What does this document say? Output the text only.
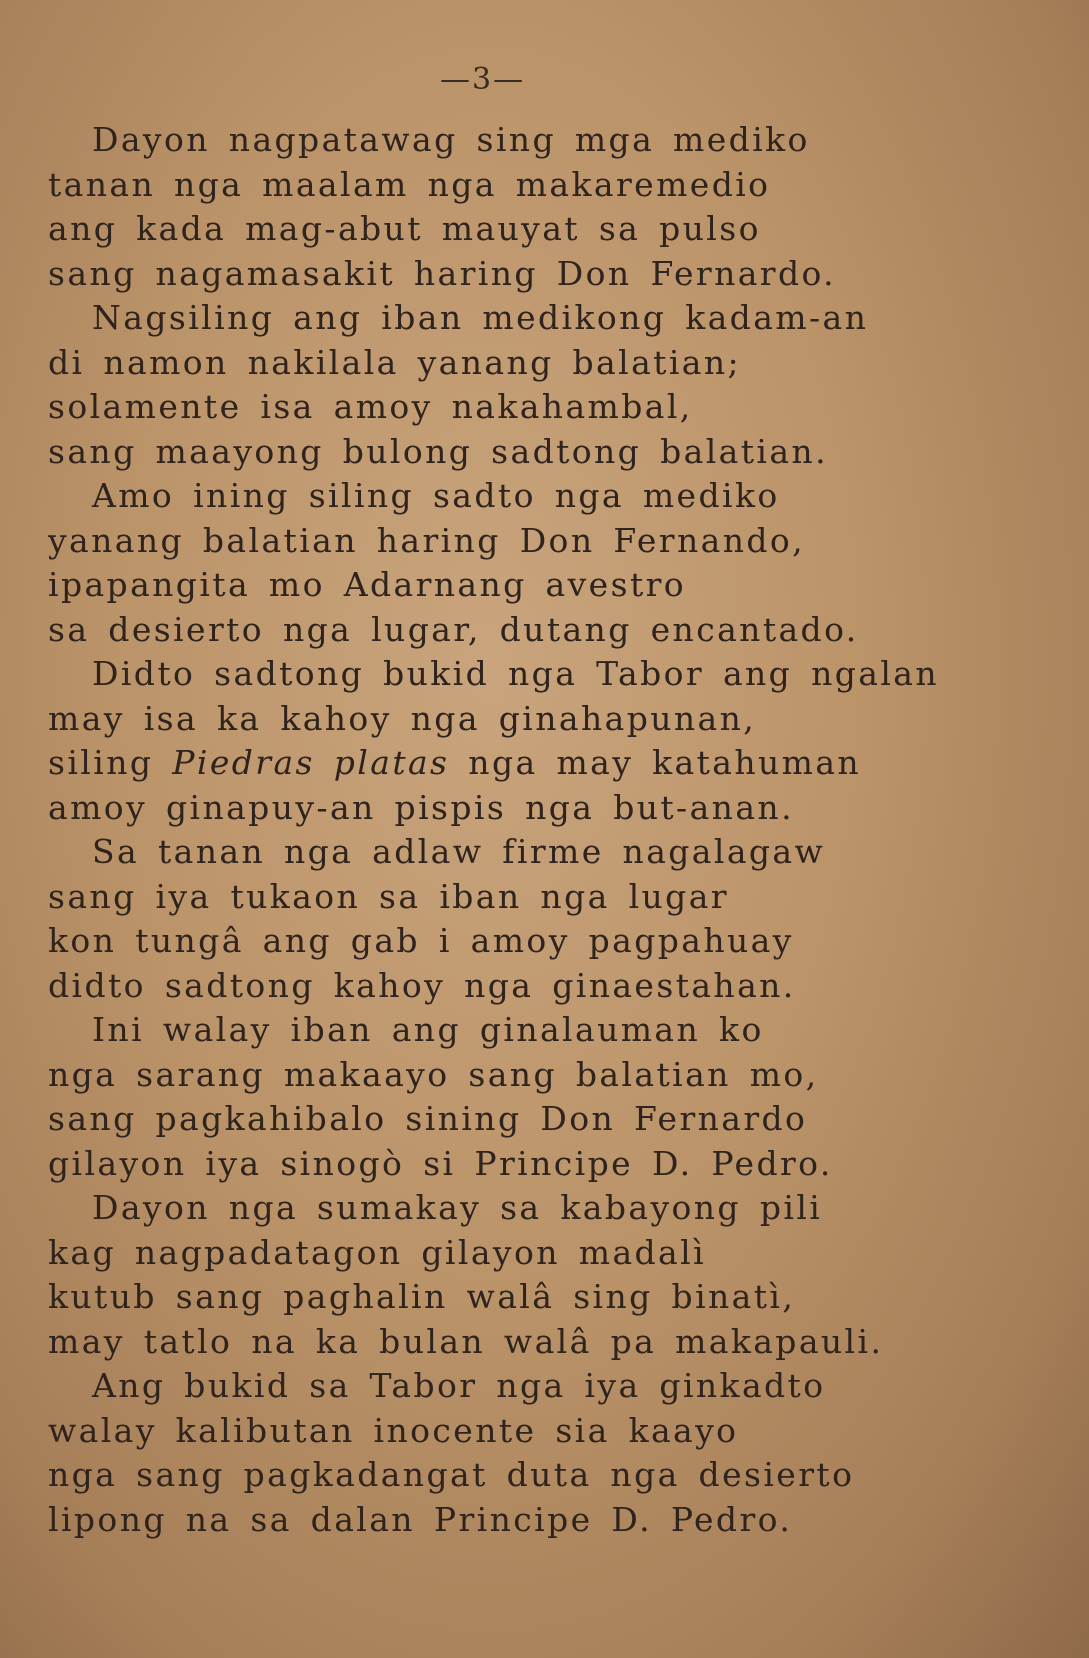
—3—
Dayon nagpatawag sing mga mediko
tanan nga maalam nga makaremedio
ang kada mag-abut mauyat sa pulso
sang nagamasakit haring Don Fernardo.
Nagsiling ang iban medikong kadam-an
di namon nakilala yanang balatian;
solamente isa amoy nakahambal,
sang maayong bulong sadtong balatian.
Amo ining siling sadto nga mediko
yanang balatian haring Don Fernando,
ipapangita mo Adarnang avestro
sa desierto nga lugar, dutang encantado.
Didto sadtong bukid nga Tabor ang ngalan
may isa ka kahoy nga ginahapunan,
siling Piedras platas nga may katahuman
amoy ginapuy-an pispis nga but-anan.
Sa tanan nga adlaw firme nagalagaw
sang iya tukaon sa iban nga lugar
kon tungâ ang gab i amoy pagpahuay
didto sadtong kahoy nga ginaestahan.
Ini walay iban ang ginalauman ko
nga sarang makaayo sang balatian mo,
sang pagkahibalo sining Don Fernardo
gilayon iya sinogò si Principe D. Pedro.
Dayon nga sumakay sa kabayong pili
kag nagpadatagon gilayon madalì
kutub sang paghalin walâ sing binatì,
may tatlo na ka bulan walâ pa makapauli.
Ang bukid sa Tabor nga iya ginkadto
walay kalibutan inocente sia kaayo
nga sang pagkadangat duta nga desierto
lipong na sa dalan Principe D. Pedro.
